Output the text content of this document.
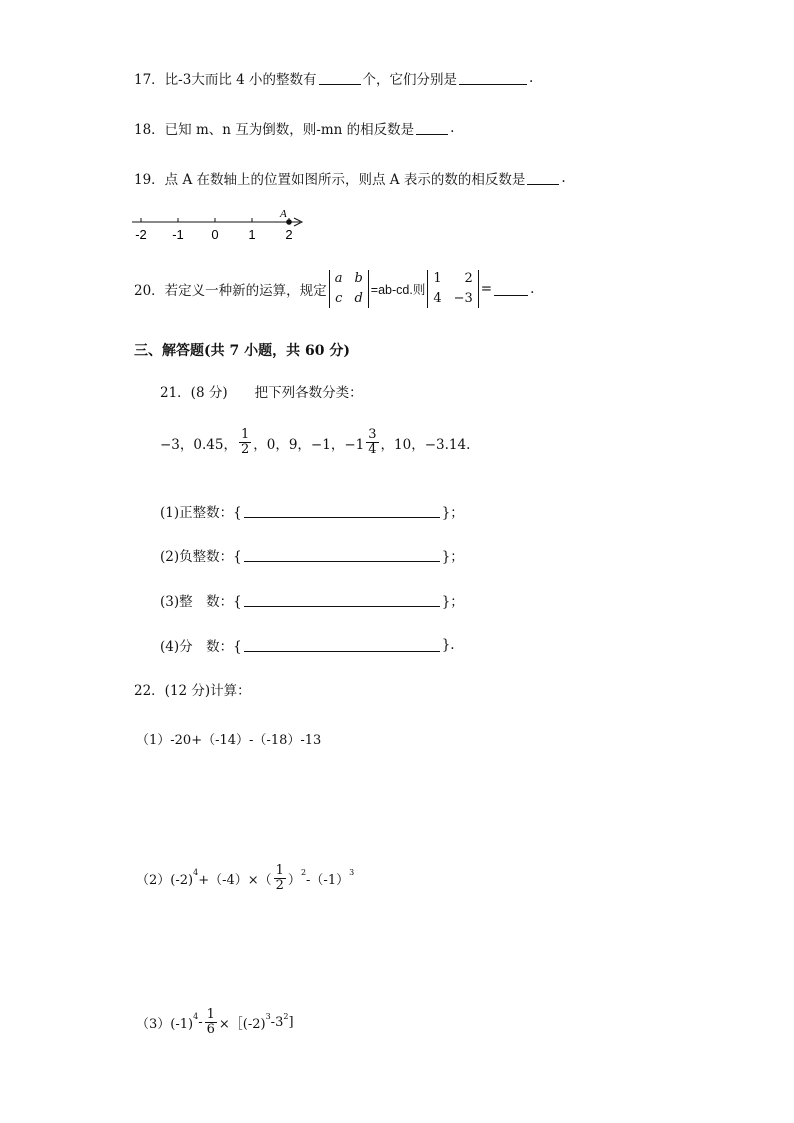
17．比-3大而比 4 小的整数有	个，它们分别是	.
18．已知 m、n 互为倒数，则-mn 的相反数是	.
19．点 A 在数轴上的位置如图所示，则点 A 表示的数的相反数是	.
-2 -1 0 1 2
A
20．若定义一种新的运算，规定
a b
c d
=ab-cd.则
1	2
4 −3
=	.
三、解答题(共 7 小题，共 60 分)
21．(8 分)　　把下列各数分类：
−3，0.45， $\frac{1}{2}$ ，0，9，−1，$-1 \frac{3}{4}$ ，10，−3.14.
(1)正整数：{	}；
(2)负整数：{	}；
(3)整　数：{	}；
(4)分　数：{	}.
22．(12 分)计算：
（1）-20+（-14）-（-18）-13
（2）(-2)
4
$+(-4)\times( \frac{1}{2}$ ）
2
-（-1）
3
（3）(-1)
$4 - \frac{1}{6}$ ×［(-2)
3 -3 2 ]
